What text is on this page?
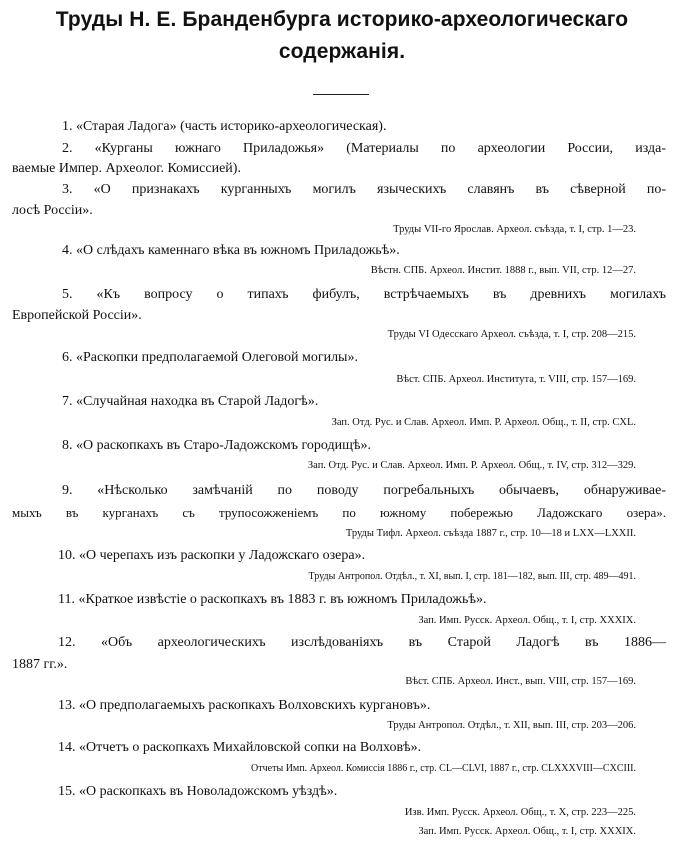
Труды Н. Е. Бранденбурга историко-археологическаго
содержанія.

1. «Старая Ладога» (часть историко-археологическая).

2. «Курганы южнаго Приладожья» (Материалы по археологии России, изда-

ваемые Импер. Археолог. Комиссией).

3. «О признакахъ курганныхъ могилъ языческихъ славянъ въ сѣверной по-

лосѣ Россіи».

Труды VII-го Ярослав. Археол. съѣзда, т. I, стр. 1—23.

4. «О слѣдахъ каменнаго вѣка въ южномъ Приладожьѣ».

Вѣстн. СПБ. Археол. Инстит. 1888 г., вып. VII, стр. 12—27.

5. «Къ вопросу о типахъ фибулъ, встрѣчаемыхъ въ древнихъ могилахъ

Европейской Россіи».

Труды VI Одесскаго Археол. съѣзда, т. I, стр. 208—215.

6. «Раскопки предполагаемой Олеговой могилы».

Вѣст. СПБ. Археол. Института, т. VIII, стр. 157—169.

7. «Случайная находка въ Старой Ладогѣ».

Зап. Отд. Рус. и Слав. Археол. Имп. Р. Археол. Общ., т. II, стр. CXL.

8. «О раскопкахъ въ Старо-Ладожскомъ городищѣ».

Зап. Отд. Рус. и Слав. Археол. Имп. Р. Археол. Общ., т. IV, стр. 312—329.

9. «Нѣсколько замѣчаній по поводу погребальныхъ обычаевъ, обнаруживае-

мыхъ въ курганахъ съ трупосожженіемъ по южному побережью Ладожскаго озера».

Труды Тифл. Археол. съѣзда 1887 г., стр. 10—18 и LXX—LXXII.

10. «О черепахъ изъ раскопки у Ладожскаго озера».

Труды Антропол. Отдѣл., т. XI, вып. I, стр. 181—182, вып. III, стр. 489—491.

11. «Краткое извѣстіе о раскопкахъ въ 1883 г. въ южномъ Приладожьѣ».

Зап. Имп. Русск. Археол. Общ., т. I, стр. XXXIX.

12. «Объ археологическихъ изслѣдованіяхъ въ Старой Ладогѣ въ 1886—

1887 гг.».

Вѣст. СПБ. Археол. Инст., вып. VIII, стр. 157—169.

13. «О предполагаемыхъ раскопкахъ Волховскихъ кургановъ».

Труды Антропол. Отдѣл., т. XII, вып. III, стр. 203—206.

14. «Отчетъ о раскопкахъ Михайловской сопки на Волховѣ».

Отчеты Имп. Археол. Комиссія 1886 г., стр. CL—CLVI, 1887 г., стр. CLXXXVIII—CXCIII.

15. «О раскопкахъ въ Новоладожскомъ уѣздѣ».

Изв. Имп. Русск. Археол. Общ., т. X, стр. 223—225.

Зап. Имп. Русск. Археол. Общ., т. I, стр. XXXIX.
